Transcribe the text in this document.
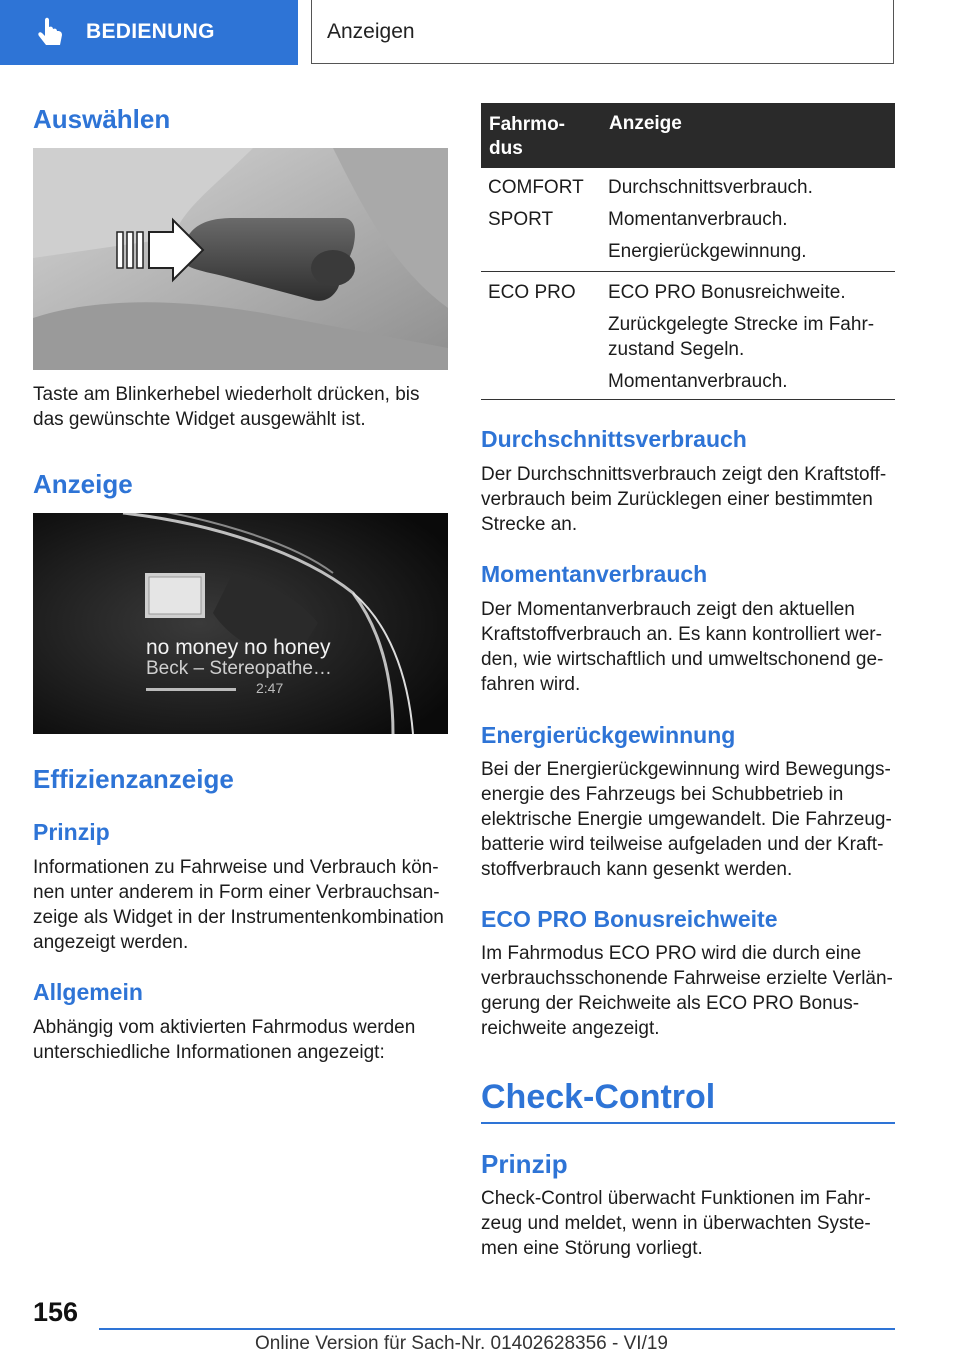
BEDIENUNG	Anzeigen
Auswählen
Taste am Blinkerhebel wiederholt drücken, bis
das gewünschte Widget ausgewählt ist.
Anzeige
no money no honey
Beck – Stereopathe…
2:47
Effizienzanzeige
Prinzip
Informationen zu Fahrweise und Verbrauch kön-
nen unter anderem in Form einer Verbrauchsan-
zeige als Widget in der Instrumentenkombination
angezeigt werden.
Allgemein
Abhängig vom aktivierten Fahrmodus werden
unterschiedliche Informationen angezeigt:
Fahrmo-
dus
Anzeige
COMFORT
SPORT
Durchschnittsverbrauch.
Momentanverbrauch.
Energierückgewinnung.
ECO PRO ECO PRO Bonusreichweite.
Zurückgelegte Strecke im Fahr-
zustand Segeln.
Momentanverbrauch.
Durchschnittsverbrauch
Der Durchschnittsverbrauch zeigt den Kraftstoff-
verbrauch beim Zurücklegen einer bestimmten
Strecke an.
Momentanverbrauch
Der Momentanverbrauch zeigt den aktuellen
Kraftstoffverbrauch an. Es kann kontrolliert wer-
den, wie wirtschaftlich und umweltschonend ge-
fahren wird.
Energierückgewinnung
Bei der Energierückgewinnung wird Bewegungs-
energie des Fahrzeugs bei Schubbetrieb in
elektrische Energie umgewandelt. Die Fahrzeug-
batterie wird teilweise aufgeladen und der Kraft-
stoffverbrauch kann gesenkt werden.
ECO PRO Bonusreichweite
Im Fahrmodus ECO PRO wird die durch eine
verbrauchsschonende Fahrweise erzielte Verlän-
gerung der Reichweite als ECO PRO Bonus-
reichweite angezeigt.
Check-Control
Prinzip
Check-Control überwacht Funktionen im Fahr-
zeug und meldet, wenn in überwachten Syste-
men eine Störung vorliegt.
156
Online Version für Sach-Nr. 01402628356 - VI/19
